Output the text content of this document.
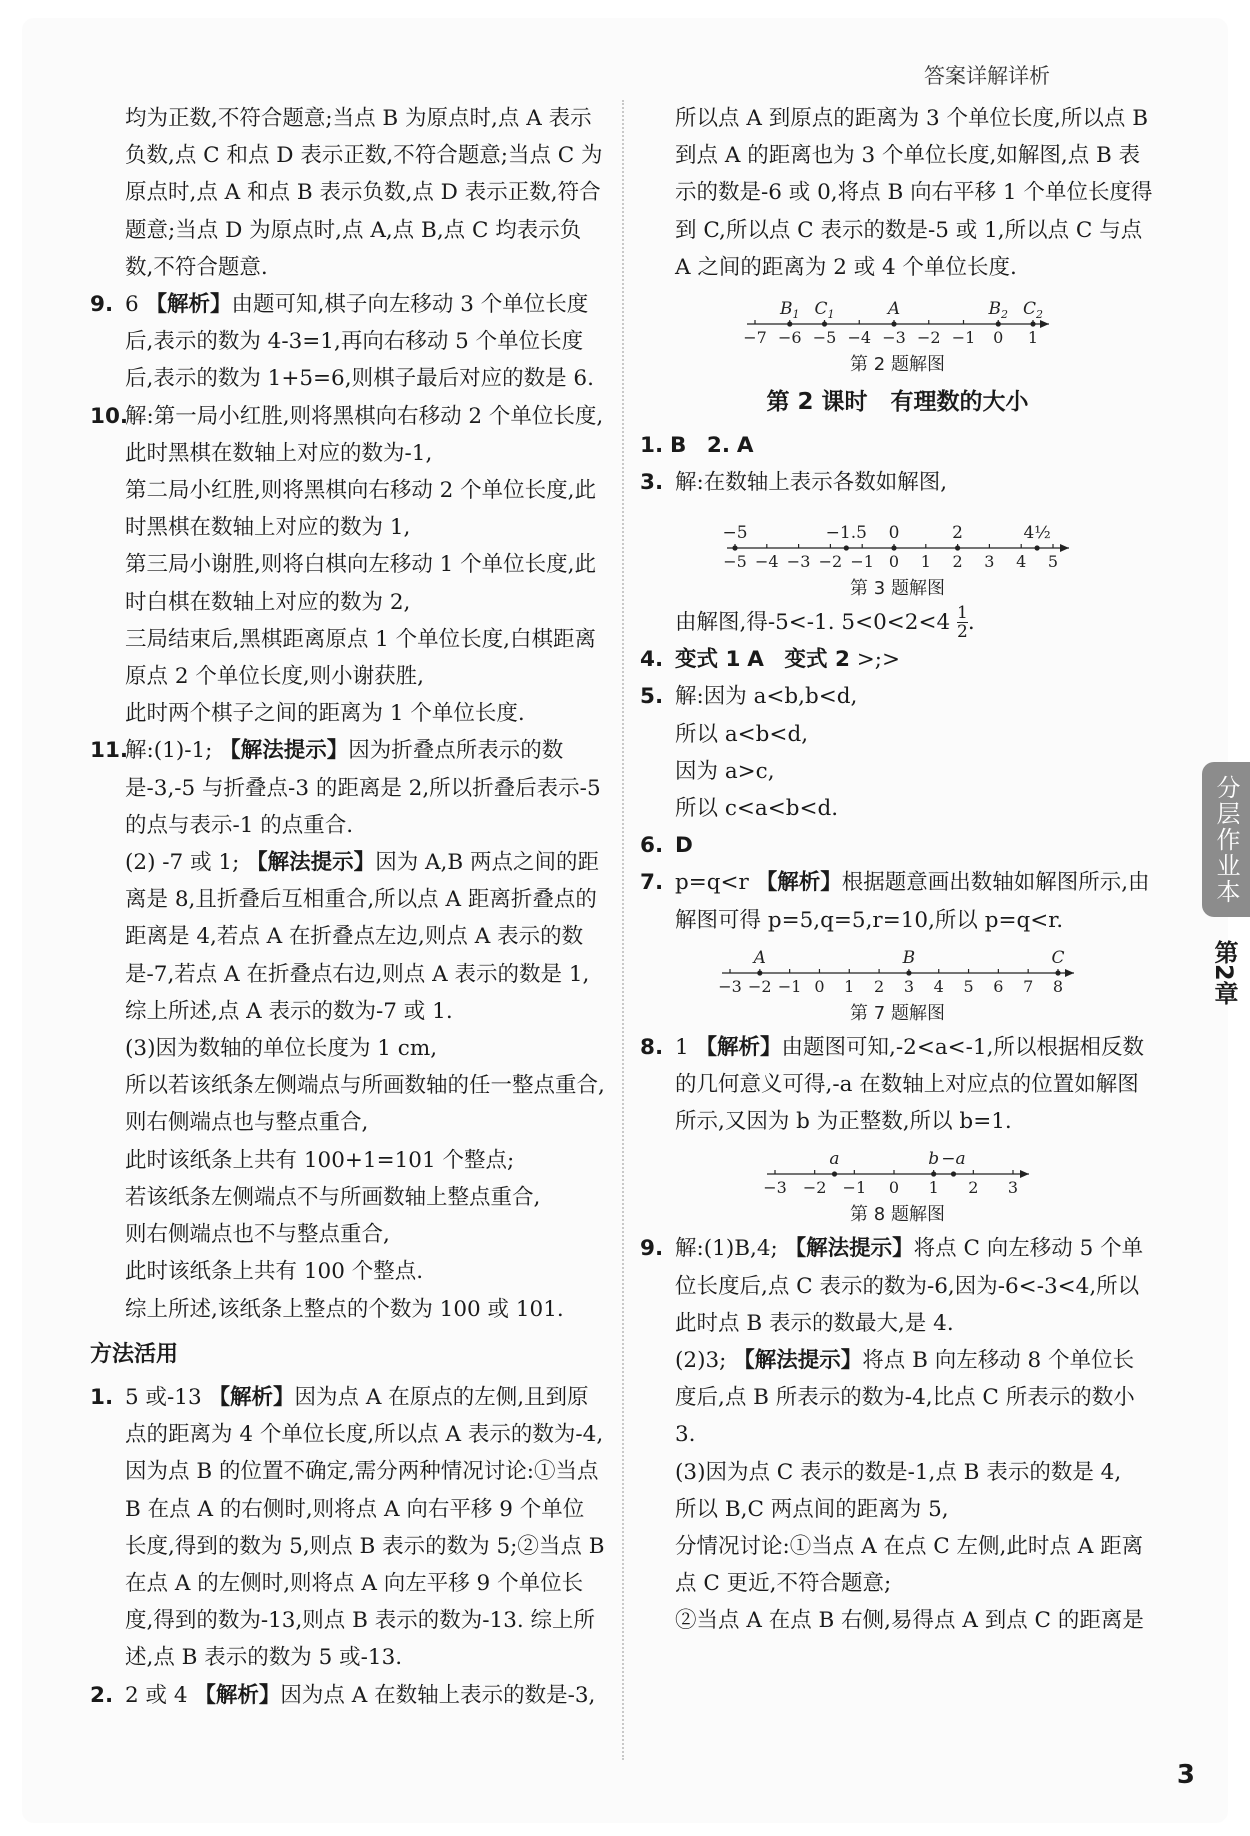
答案详解详析

均为正数,不符合题意;当点 B 为原点时,点 A 表示负数,点 C 和点 D 表示正数,不符合题意;当点 C 为原点时,点 A 和点 B 表示负数,点 D 表示正数,符合题意;当点 D 为原点时,点 A,点 B,点 C 均表示负数,不符合题意.

9. 6 【解析】由题可知,棋子向左移动 3 个单位长度后,表示的数为 4-3=1,再向右移动 5 个单位长度后,表示的数为 1+5=6,则棋子最后对应的数是 6.
10.
解:第一局小红胜,则将黑棋向右移动 2 个单位长度,此时黑棋在数轴上对应的数为-1,

第二局小红胜,则将黑棋向右移动 2 个单位长度,此时黑棋在数轴上对应的数为 1,

第三局小谢胜,则将白棋向左移动 1 个单位长度,此时白棋在数轴上对应的数为 2,

三局结束后,黑棋距离原点 1 个单位长度,白棋距离原点 2 个单位长度,则小谢获胜,

此时两个棋子之间的距离为 1 个单位长度.

11.
解:(1)-1; 【解法提示】因为折叠点所表示的数是-3,-5 与折叠点-3 的距离是 2,所以折叠后表示-5 的点与表示-1 的点重合.

(2) -7 或 1; 【解法提示】因为 A,B 两点之间的距离是 8,且折叠后互相重合,所以点 A 距离折叠点的距离是 4,若点 A 在折叠点左边,则点 A 表示的数是-7,若点 A 在折叠点右边,则点 A 表示的数是 1,综上所述,点 A 表示的数为-7 或 1.

(3)因为数轴的单位长度为 1 cm,

所以若该纸条左侧端点与所画数轴的任一整点重合,

则右侧端点也与整点重合,

此时该纸条上共有 100+1=101 个整点;

若该纸条左侧端点不与所画数轴上整点重合,

则右侧端点也不与整点重合,

此时该纸条上共有 100 个整点.

综上所述,该纸条上整点的个数为 100 或 101.

方法活用
1. 5 或-13 【解析】因为点 A 在原点的左侧,且到原点的距离为 4 个单位长度,所以点 A 表示的数为-4,因为点 B 的位置不确定,需分两种情况讨论:①当点 B 在点 A 的右侧时,则将点 A 向右平移 9 个单位长度,得到的数为 5,则点 B 表示的数为 5;②当点 B 在点 A 的左侧时,则将点 A 向左平移 9 个单位长度,得到的数为-13,则点 B 表示的数为-13. 综上所述,点 B 表示的数为 5 或-13.
2. 2 或 4 【解析】因为点 A 在数轴上表示的数是-3,

所以点 A 到原点的距离为 3 个单位长度,所以点 B 到点 A 的距离也为 3 个单位长度,如解图,点 B 表示的数是-6 或 0,将点 B 向右平移 1 个单位长度得到 C,所以点 C 表示的数是-5 或 1,所以点 C 与点 A 之间的距离为 2 或 4 个单位长度.

−7 −6 −5 −4 −3 −2 −1 0 1
$B_1$ $C_1$	A	$B_2$ $C_2$
第 2 题解图
第 2 课时　有理数的大小

1. B 2. A

3. 解:在数轴上表示各数如解图,
−5 −4 −3 −2 −1 0 1 2 3 4 5
−5	−1.5 0	2	4½
第 3 题解图

由解图,得-5<-1. $5<0<2<4 \frac{1}{2}$ .

4. 变式 1 A 变式 2 >;>
5. 解:因为 a<b,b<d,

所以 a<b<d,

因为 a>c,

所以 c<a<b<d.

6. D
7. p=q<r 【解析】根据题意画出数轴如解图所示,由解图可得 p=5,q=5,r=10,所以 p=q<r.
−3 −2 −1 0 1 2 3 4 5 6 7 8
A	B	C
第 7 题解图
8. 1 【解析】由题图可知,-2<a<-1,所以根据相反数的几何意义可得,-a 在数轴上对应点的位置如解图所示,又因为 b 为正整数,所以 b=1.
−3 −2 −1 0 1 2 3
a	b −a
第 8 题解图
9. 解:(1)B,4; 【解法提示】将点 C 向左移动 5 个单位长度后,点 C 表示的数为-6,因为-6<-3<4,所以此时点 B 表示的数最大,是 4.

(2)3; 【解法提示】将点 B 向左移动 8 个单位长度后,点 B 所表示的数为-4,比点 C 所表示的数小 3.

(3)因为点 C 表示的数是-1,点 B 表示的数是 4,

所以 B,C 两点间的距离为 5,

分情况讨论:①当点 A 在点 C 左侧,此时点 A 距离点 C 更近,不符合题意;

②当点 A 在点 B 右侧,易得点 A 到点 C 的距离是

分层作业本
第2章
3
